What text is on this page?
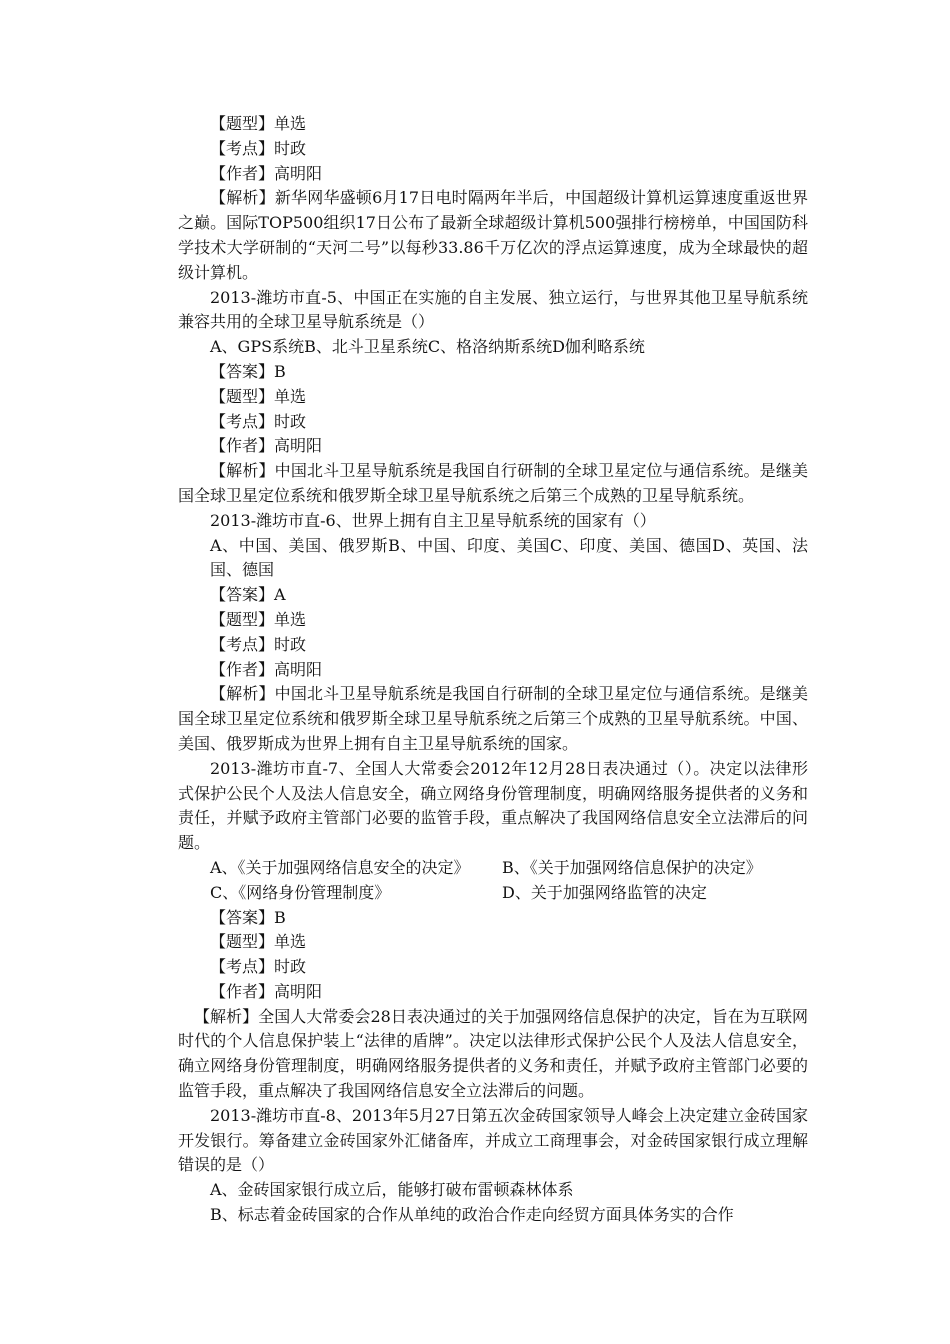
【题型】单选

【考点】时政

【作者】高明阳

【解析】新华网华盛顿6月17日电时隔两年半后，中国超级计算机运算速度重返世界之巅。国际TOP500组织17日公布了最新全球超级计算机500强排行榜榜单，中国国防科学技术大学研制的“天河二号”以每秒33.86千万亿次的浮点运算速度，成为全球最快的超级计算机。

2013-潍坊市直-5、中国正在实施的自主发展、独立运行，与世界其他卫星导航系统兼容共用的全球卫星导航系统是（）

A、GPS系统B、北斗卫星系统C、格洛纳斯系统D伽利略系统

【答案】B

【题型】单选

【考点】时政

【作者】高明阳

【解析】中国北斗卫星导航系统是我国自行研制的全球卫星定位与通信系统。是继美国全球卫星定位系统和俄罗斯全球卫星导航系统之后第三个成熟的卫星导航系统。

2013-潍坊市直-6、世界上拥有自主卫星导航系统的国家有（）

A、中国、美国、俄罗斯B、中国、印度、美国C、印度、美国、德国D、英国、法国、德国

【答案】A

【题型】单选

【考点】时政

【作者】高明阳

【解析】中国北斗卫星导航系统是我国自行研制的全球卫星定位与通信系统。是继美国全球卫星定位系统和俄罗斯全球卫星导航系统之后第三个成熟的卫星导航系统。中国、美国、俄罗斯成为世界上拥有自主卫星导航系统的国家。

2013-潍坊市直-7、全国人大常委会2012年12月28日表决通过（）。决定以法律形式保护公民个人及法人信息安全，确立网络身份管理制度，明确网络服务提供者的义务和责任，并赋予政府主管部门必要的监管手段，重点解决了我国网络信息安全立法滞后的问题。

A、《关于加强网络信息安全的决定》	B、《关于加强网络信息保护的决定》
C、《网络身份管理制度》	D、关于加强网络监管的决定

【答案】B

【题型】单选

【考点】时政

【作者】高明阳

【解析】全国人大常委会28日表决通过的关于加强网络信息保护的决定，旨在为互联网时代的个人信息保护装上“法律的盾牌”。决定以法律形式保护公民个人及法人信息安全，确立网络身份管理制度，明确网络服务提供者的义务和责任，并赋予政府主管部门必要的监管手段，重点解决了我国网络信息安全立法滞后的问题。

2013-潍坊市直-8、2013年5月27日第五次金砖国家领导人峰会上决定建立金砖国家开发银行。筹备建立金砖国家外汇储备库，并成立工商理事会，对金砖国家银行成立理解错误的是（）

A、金砖国家银行成立后，能够打破布雷顿森林体系

B、标志着金砖国家的合作从单纯的政治合作走向经贸方面具体务实的合作
